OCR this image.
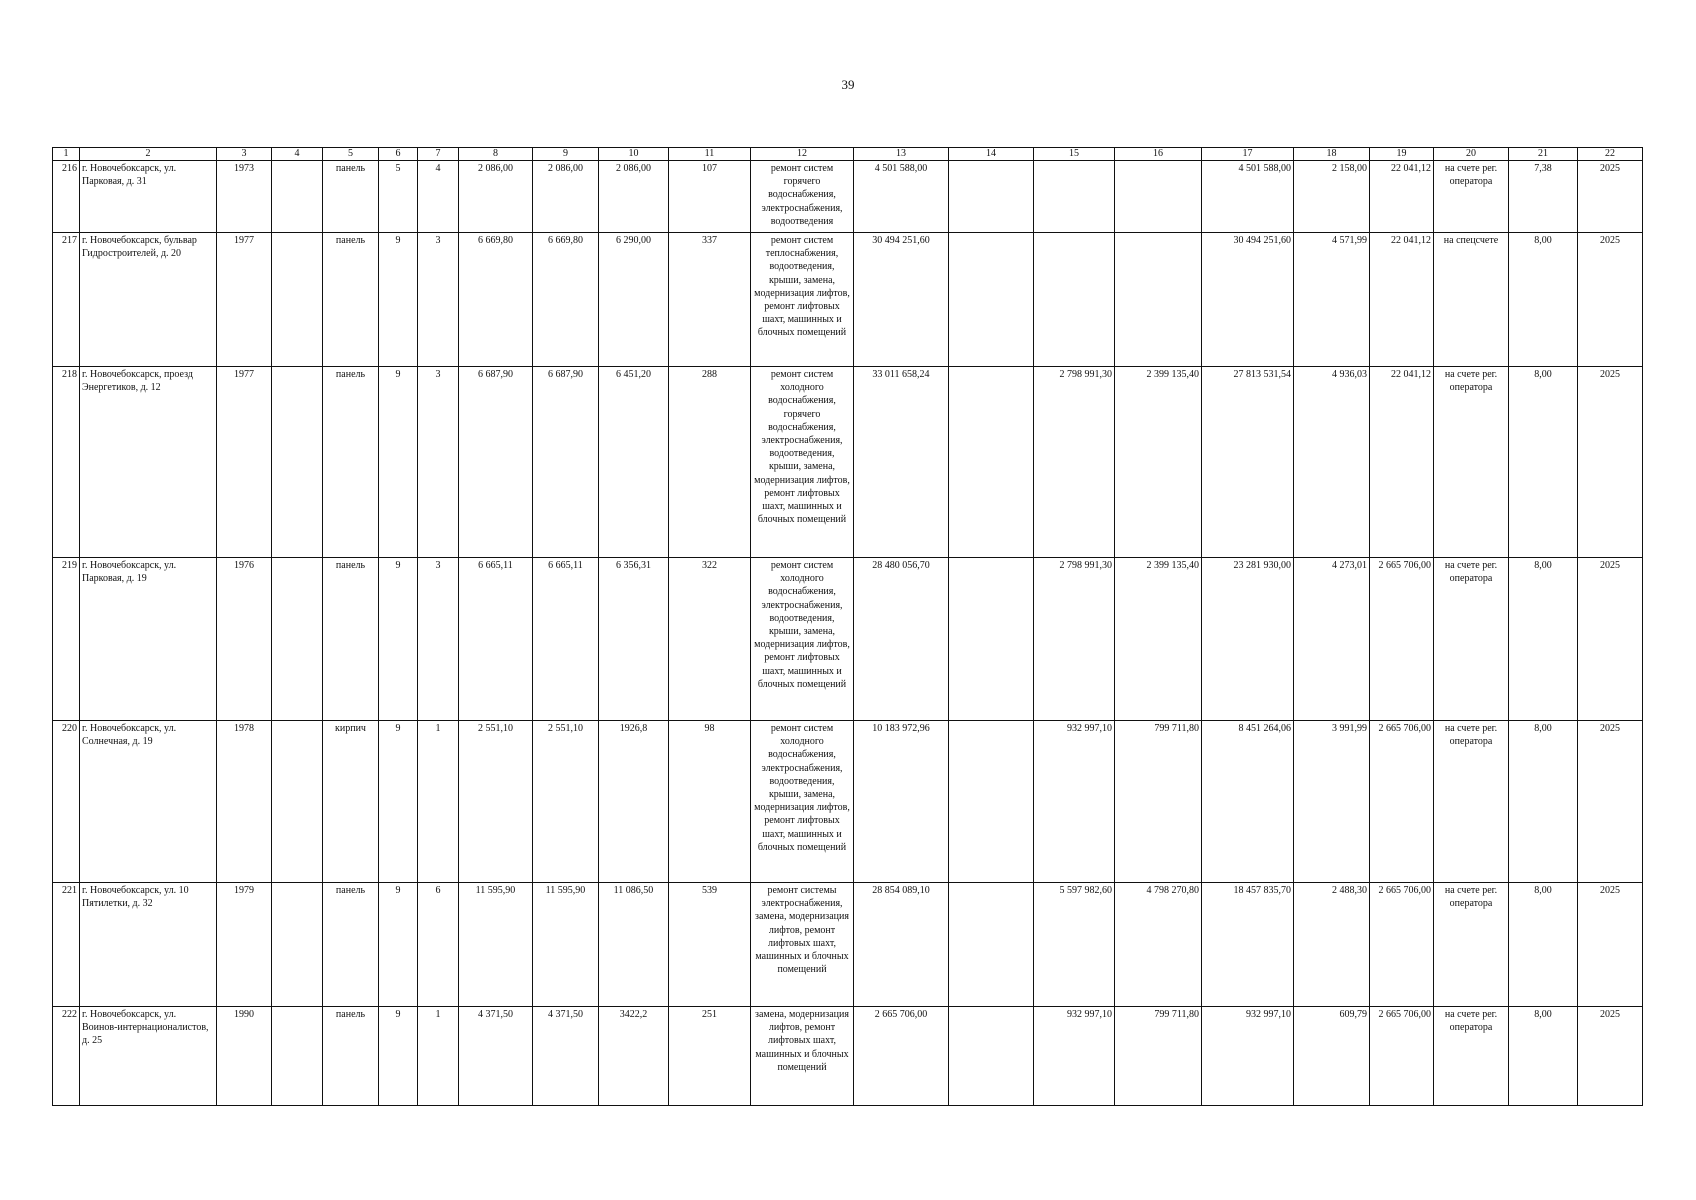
39
1	2	3	4	5	6	7	8	9	10	11	12	13	14	15	16	17	18	19	20	21	22
216	г. Новочебоксарск, ул. Парковая, д. 31	1973		панель	5	4	2 086,00	2 086,00	2 086,00	107	ремонт систем горячего водоснабжения, электроснабжения, водоотведения	4 501 588,00				4 501 588,00	2 158,00	22 041,12	на счете рег. оператора	7,38	2025
217	г. Новочебоксарск, бульвар Гидростроителей, д. 20	1977		панель	9	3	6 669,80	6 669,80	6 290,00	337	ремонт систем теплоснабжения, водоотведения, крыши, замена, модернизация лифтов, ремонт лифтовых шахт, машинных и блочных помещений	30 494 251,60				30 494 251,60	4 571,99	22 041,12	на спецсчете	8,00	2025
218	г. Новочебоксарск, проезд Энергетиков, д. 12	1977		панель	9	3	6 687,90	6 687,90	6 451,20	288	ремонт систем холодного водоснабжения, горячего водоснабжения, электроснабжения, водоотведения, крыши, замена, модернизация лифтов, ремонт лифтовых шахт, машинных и блочных помещений	33 011 658,24		2 798 991,30	2 399 135,40	27 813 531,54	4 936,03	22 041,12	на счете рег. оператора	8,00	2025
219	г. Новочебоксарск, ул. Парковая, д. 19	1976		панель	9	3	6 665,11	6 665,11	6 356,31	322	ремонт систем холодного водоснабжения, электроснабжения, водоотведения, крыши, замена, модернизация лифтов, ремонт лифтовых шахт, машинных и блочных помещений	28 480 056,70		2 798 991,30	2 399 135,40	23 281 930,00	4 273,01	2 665 706,00	на счете рег. оператора	8,00	2025
220	г. Новочебоксарск, ул. Солнечная, д. 19	1978		кирпич	9	1	2 551,10	2 551,10	1926,8	98	ремонт систем холодного водоснабжения, электроснабжения, водоотведения, крыши, замена, модернизация лифтов, ремонт лифтовых шахт, машинных и блочных помещений	10 183 972,96		932 997,10	799 711,80	8 451 264,06	3 991,99	2 665 706,00	на счете рег. оператора	8,00	2025
221	г. Новочебоксарск, ул. 10 Пятилетки, д. 32	1979		панель	9	6	11 595,90	11 595,90	11 086,50	539	ремонт системы электроснабжения, замена, модернизация лифтов, ремонт лифтовых шахт, машинных и блочных помещений	28 854 089,10		5 597 982,60	4 798 270,80	18 457 835,70	2 488,30	2 665 706,00	на счете рег. оператора	8,00	2025
222	г. Новочебоксарск, ул. Воинов-интернационалистов, д. 25	1990		панель	9	1	4 371,50	4 371,50	3422,2	251	замена, модернизация лифтов, ремонт лифтовых шахт, машинных и блочных помещений	2 665 706,00		932 997,10	799 711,80	932 997,10	609,79	2 665 706,00	на счете рег. оператора	8,00	2025
